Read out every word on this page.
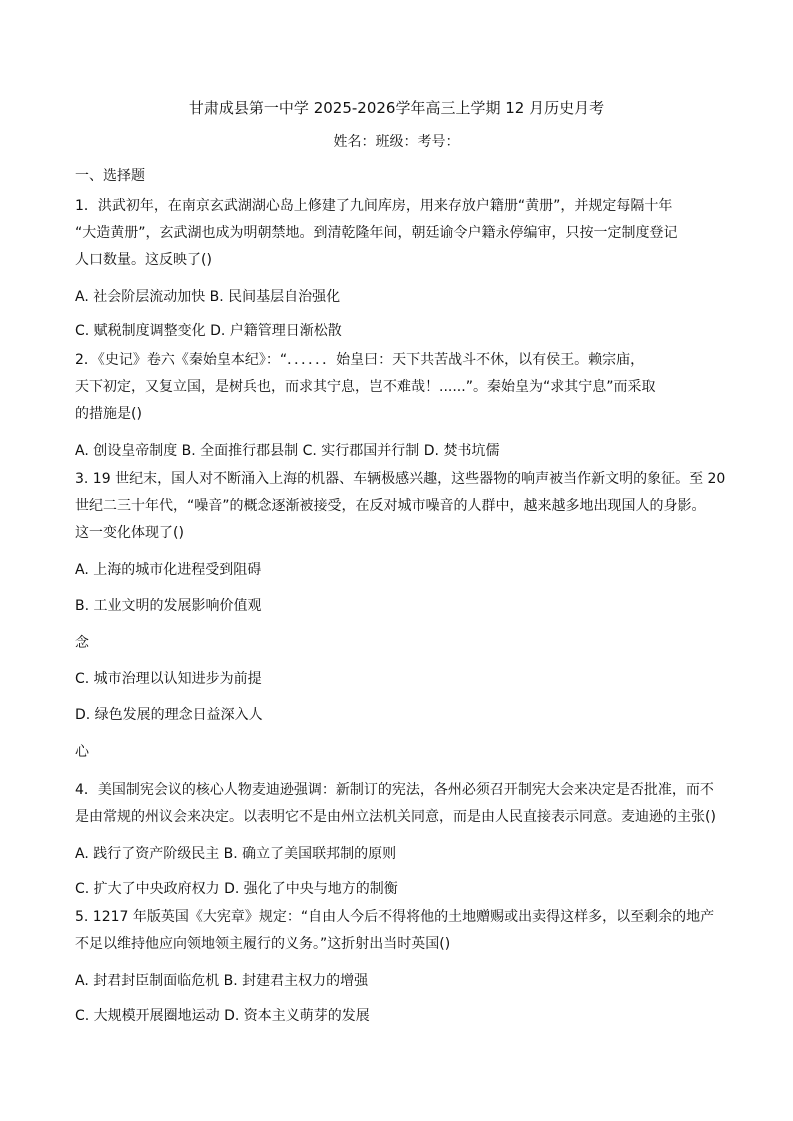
甘肃成县第一中学 2025-2026学年高三上学期 12 月历史月考
姓名：班级：考号：
一、选择题
1．洪武初年，在南京玄武湖湖心岛上修建了九间库房，用来存放户籍册“黄册”，并规定每隔十年
“大造黄册”，玄武湖也成为明朝禁地。到清乾隆年间，朝廷谕令户籍永停编审，只按一定制度登记
人口数量。这反映了()
A. 社会阶层流动加快 B. 民间基层自治强化
C. 赋税制度调整变化 D. 户籍管理日渐松散
2．《史记》卷六《秦始皇本纪》：“．．．．．．始皇曰：天下共苦战斗不休，以有侯王。赖宗庙，
天下初定，又复立国，是树兵也，而求其宁息，岂不难哉！......”。秦始皇为“求其宁息”而采取
的措施是()
A. 创设皇帝制度 B. 全面推行郡县制 C. 实行郡国并行制 D. 焚书坑儒
3. 19 世纪末，国人对不断涌入上海的机器、车辆极感兴趣，这些器物的响声被当作新文明的象征。至 20
世纪二三十年代，“噪音”的概念逐渐被接受，在反对城市噪音的人群中，越来越多地出现国人的身影。
这一变化体现了()
A. 上海的城市化进程受到阻碍
B. 工业文明的发展影响价值观
念
C. 城市治理以认知进步为前提
D. 绿色发展的理念日益深入人
心
4．美国制宪会议的核心人物麦迪逊强调：新制订的宪法，各州必须召开制宪大会来决定是否批准，而不
是由常规的州议会来决定。以表明它不是由州立法机关同意，而是由人民直接表示同意。麦迪逊的主张()
A. 践行了资产阶级民主 B. 确立了美国联邦制的原则
C. 扩大了中央政府权力 D. 强化了中央与地方的制衡
5. 1217 年版英国《大宪章》规定：“自由人今后不得将他的土地赠赐或出卖得这样多，以至剩余的地产
不足以维持他应向领地领主履行的义务。”这折射出当时英国()
A. 封君封臣制面临危机 B. 封建君主权力的增强
C. 大规模开展圈地运动 D. 资本主义萌芽的发展
